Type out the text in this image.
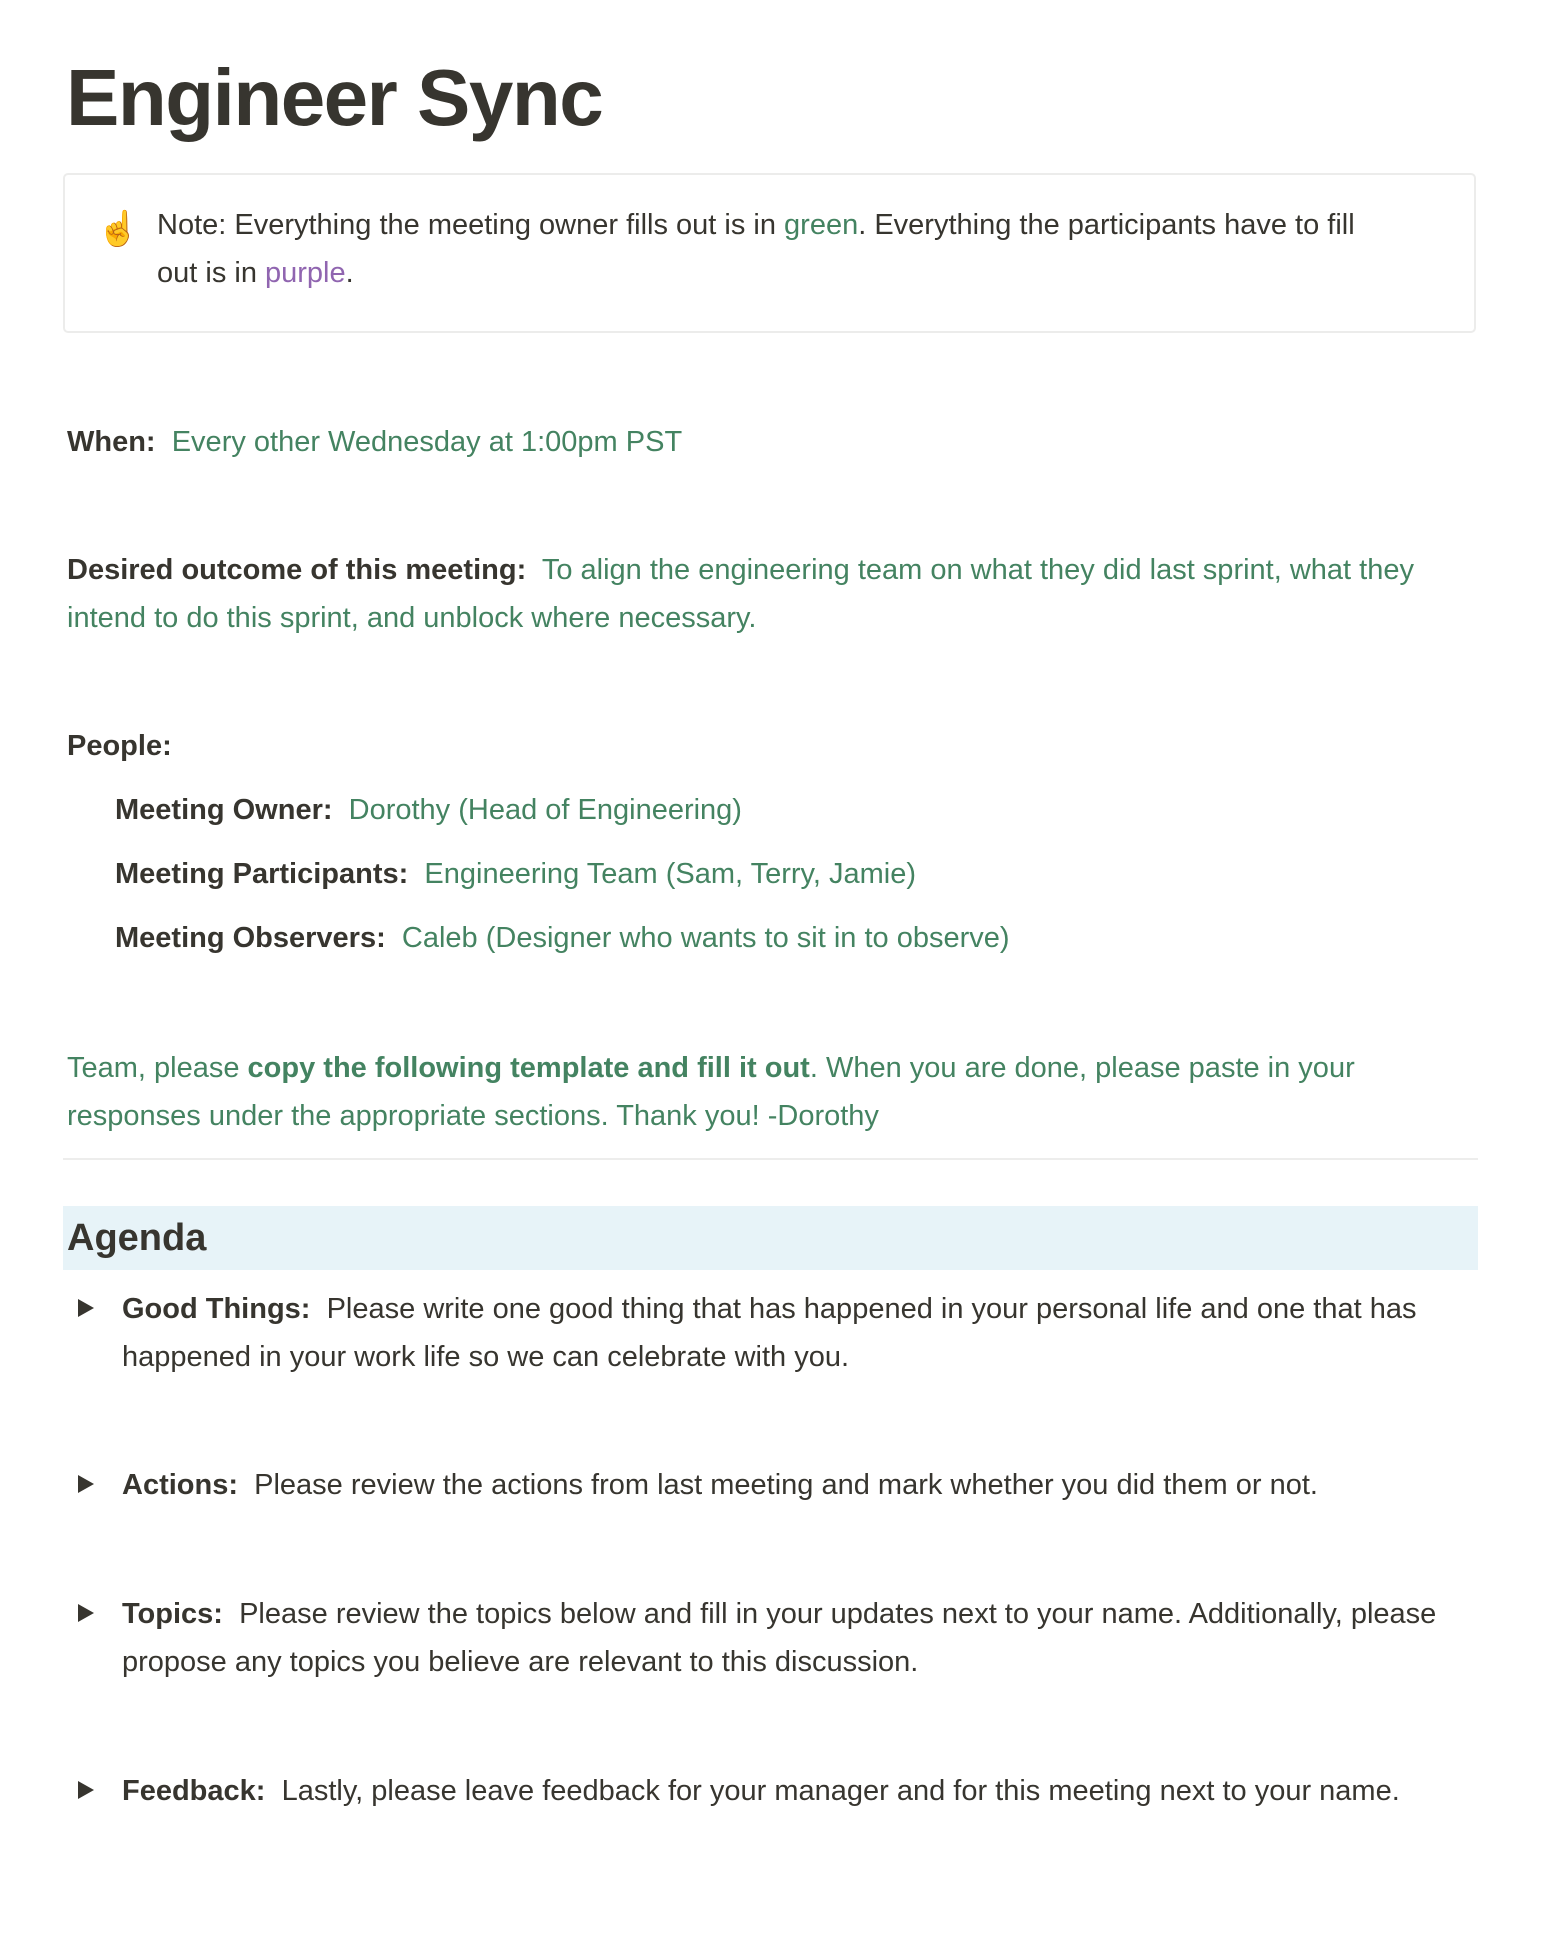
Engineer Sync
☝ Note: Everything the meeting owner fills out is in green. Everything the participants have to fill out is in purple.
When: Every other Wednesday at 1:00pm PST
Desired outcome of this meeting: To align the engineering team on what they did last sprint, what they intend to do this sprint, and unblock where necessary.
People:
Meeting Owner: Dorothy (Head of Engineering)
Meeting Participants: Engineering Team (Sam, Terry, Jamie)
Meeting Observers: Caleb (Designer who wants to sit in to observe)
Team, please copy the following template and fill it out. When you are done, please paste in your responses under the appropriate sections. Thank you! -Dorothy
Agenda
Good Things: Please write one good thing that has happened in your personal life and one that has happened in your work life so we can celebrate with you.
Actions: Please review the actions from last meeting and mark whether you did them or not.
Topics: Please review the topics below and fill in your updates next to your name. Additionally, please propose any topics you believe are relevant to this discussion.
Feedback: Lastly, please leave feedback for your manager and for this meeting next to your name.
